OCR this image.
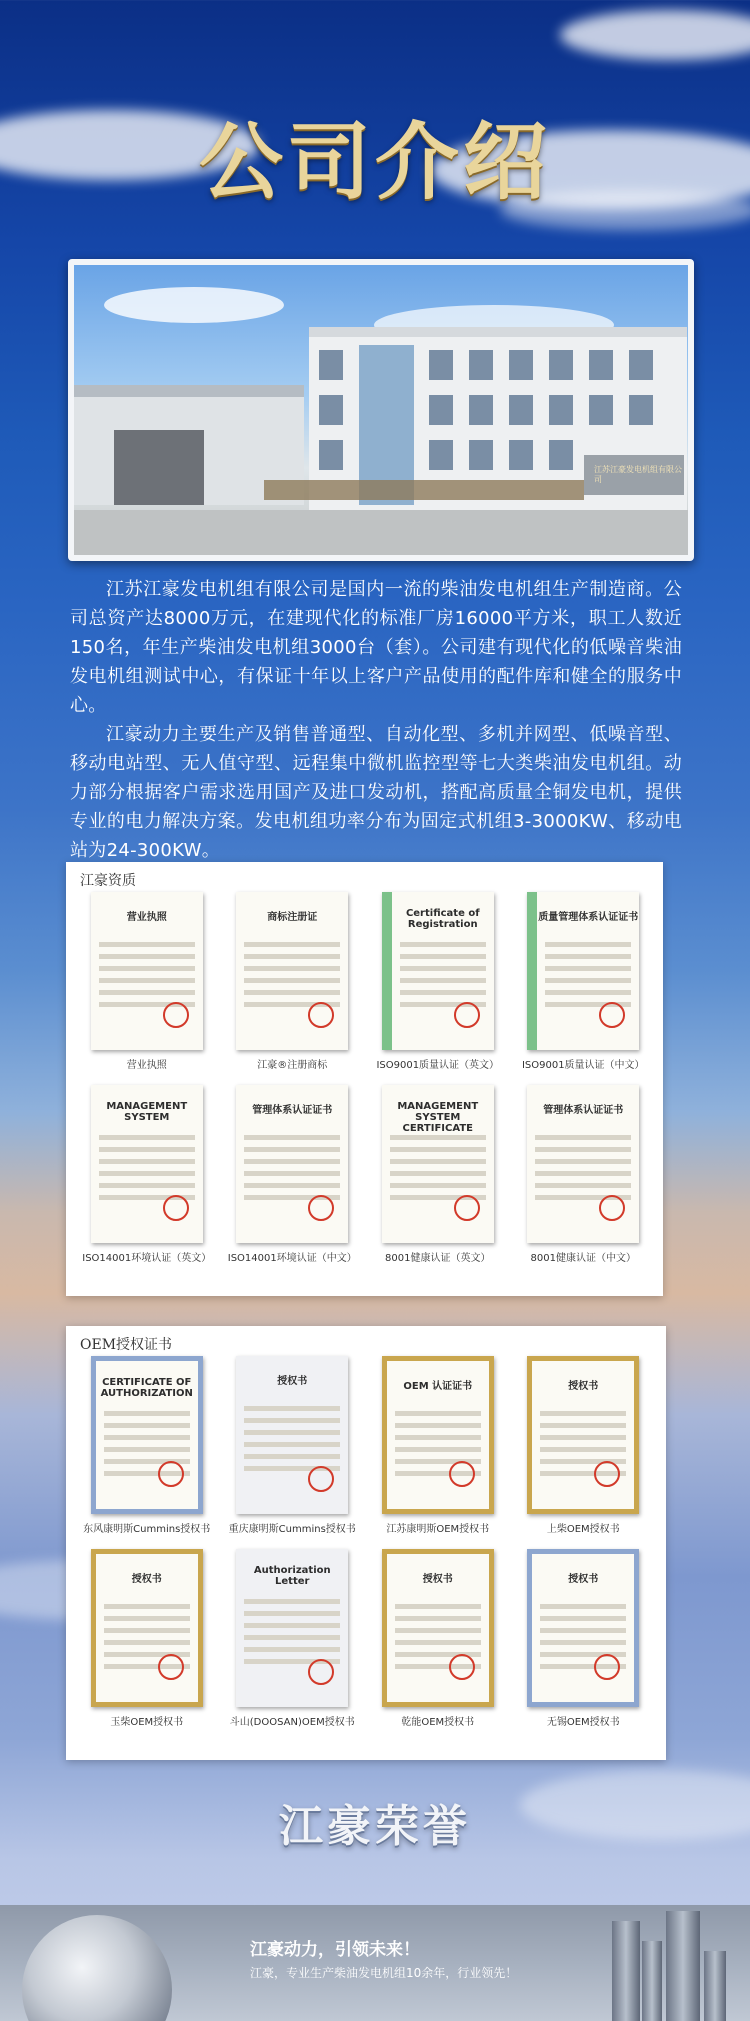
公司介绍
江苏江豪发电机组有限公司

江苏江豪发电机组有限公司是国内一流的柴油发电机组生产制造商。公司总资产达8000万元，在建现代化的标准厂房16000平方米，职工人数近150名，年生产柴油发电机组3000台（套）。公司建有现代化的低噪音柴油发电机组测试中心，有保证十年以上客户产品使用的配件库和健全的服务中心。

江豪动力主要生产及销售普通型、自动化型、多机并网型、低噪音型、移动电站型、无人值守型、远程集中微机监控型等七大类柴油发电机组。动力部分根据客户需求选用国产及进口发动机，搭配高质量全铜发电机，提供专业的电力解决方案。发电机组功率分布为固定式机组3-3000KW、移动电站为24-300KW。

江豪资质
营业执照
营业执照
商标注册证
江豪®注册商标
Certificate of Registration
ISO9001质量认证（英文）
质量管理体系认证证书
ISO9001质量认证（中文）
MANAGEMENT SYSTEM
ISO14001环境认证（英文）
管理体系认证证书
ISO14001环境认证（中文）
MANAGEMENT SYSTEM CERTIFICATE
8001健康认证（英文）
管理体系认证证书
8001健康认证（中文）
OEM授权证书
CERTIFICATE OF AUTHORIZATION
东风康明斯Cummins授权书
授权书
重庆康明斯Cummins授权书
OEM 认证证书
江苏康明斯OEM授权书
授权书
上柴OEM授权书
授权书
玉柴OEM授权书
Authorization Letter
斗山(DOOSAN)OEM授权书
授权书
乾能OEM授权书
授权书
无锡OEM授权书
江豪荣誉
江豪动力，引领未来！
江豪，专业生产柴油发电机组10余年，行业领先！
